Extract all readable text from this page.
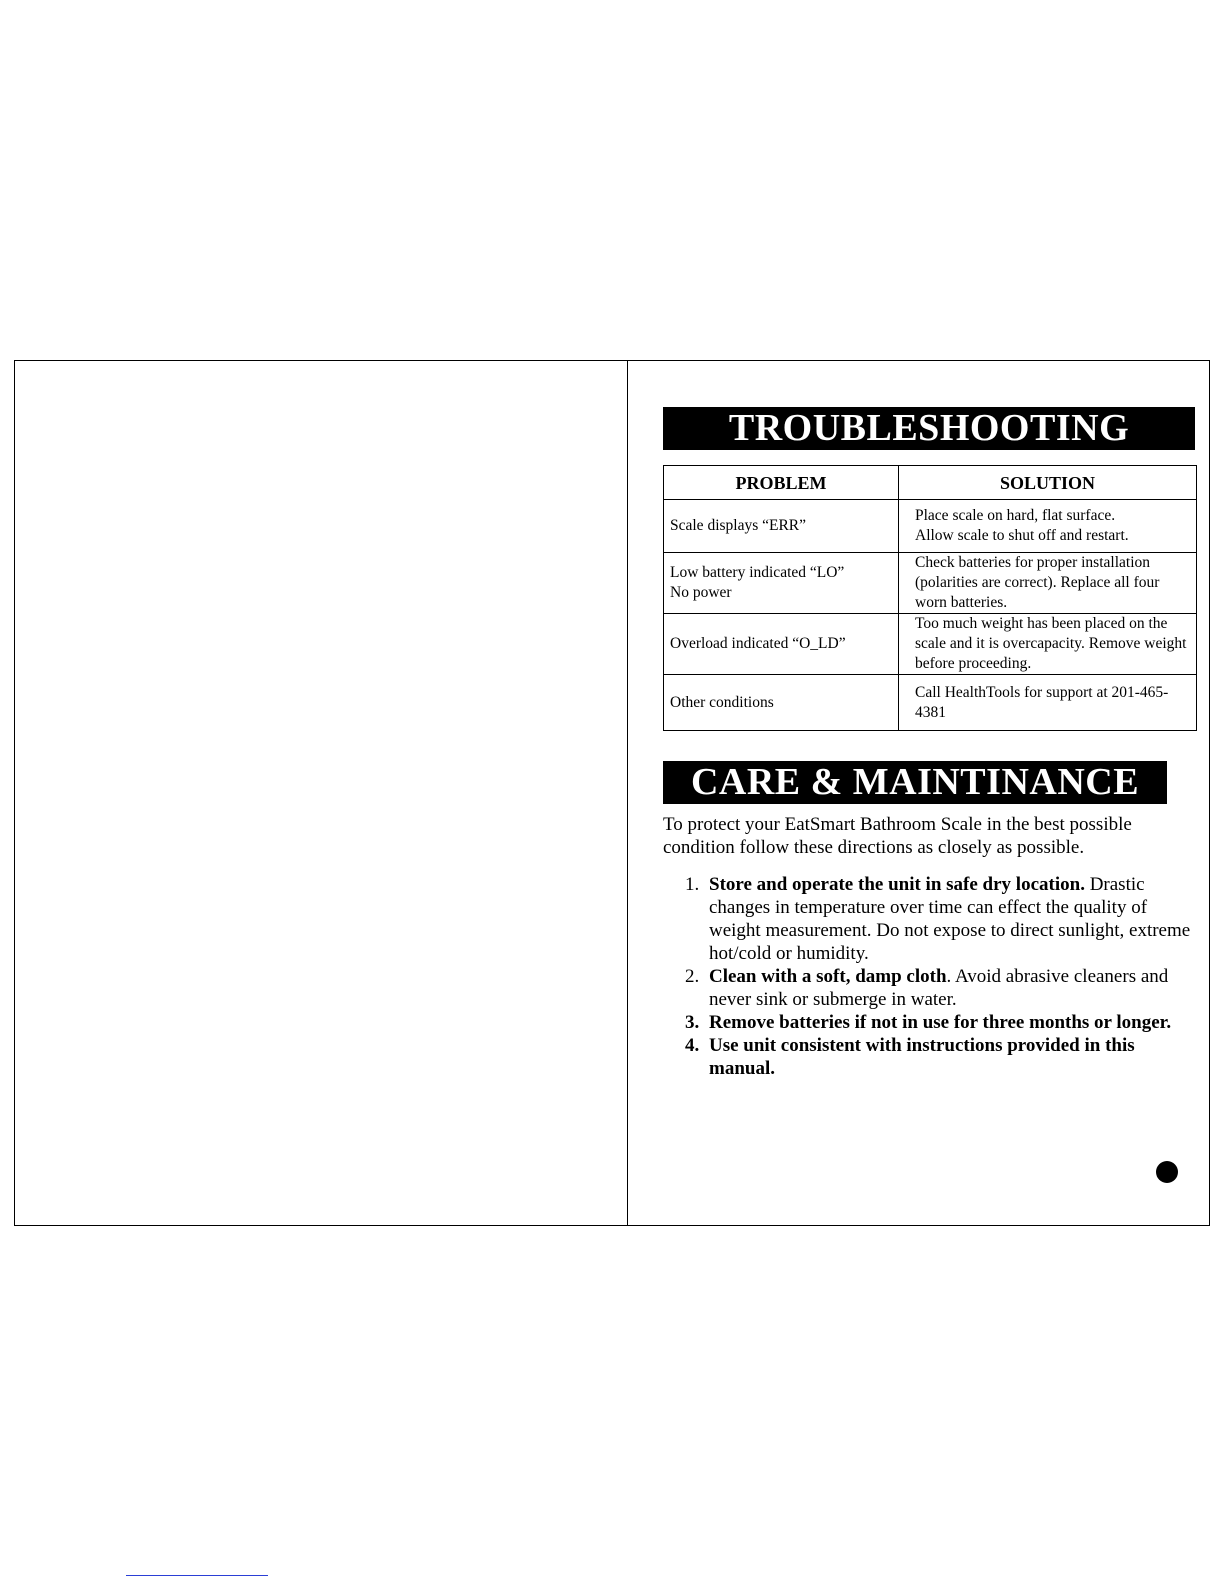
TROUBLESHOOTING
PROBLEM	SOLUTION
Scale displays “ERR”	Place scale on hard, flat surface.
Allow scale to shut off and restart.
Low battery indicated “LO”
No power	Check batteries for proper installation (polarities are correct). Replace all four worn batteries.
Overload indicated “O_LD”	Too much weight has been placed on the scale and it is overcapacity. Remove weight before proceeding.
Other conditions	Call HealthTools for support at 201-465-4381
CARE & MAINTINANCE

To protect your EatSmart Bathroom Scale in the best possible condition follow these directions as closely as possible.

1. Store and operate the unit in safe dry location. Drastic changes in temperature over time can effect the quality of weight measurement. Do not expose to direct sunlight, extreme hot/cold or humidity.
2. Clean with a soft, damp cloth. Avoid abrasive cleaners and never sink or submerge in water.
3. Remove batteries if not in use for three months or longer.
4. Use unit consistent with instructions provided in this manual.
